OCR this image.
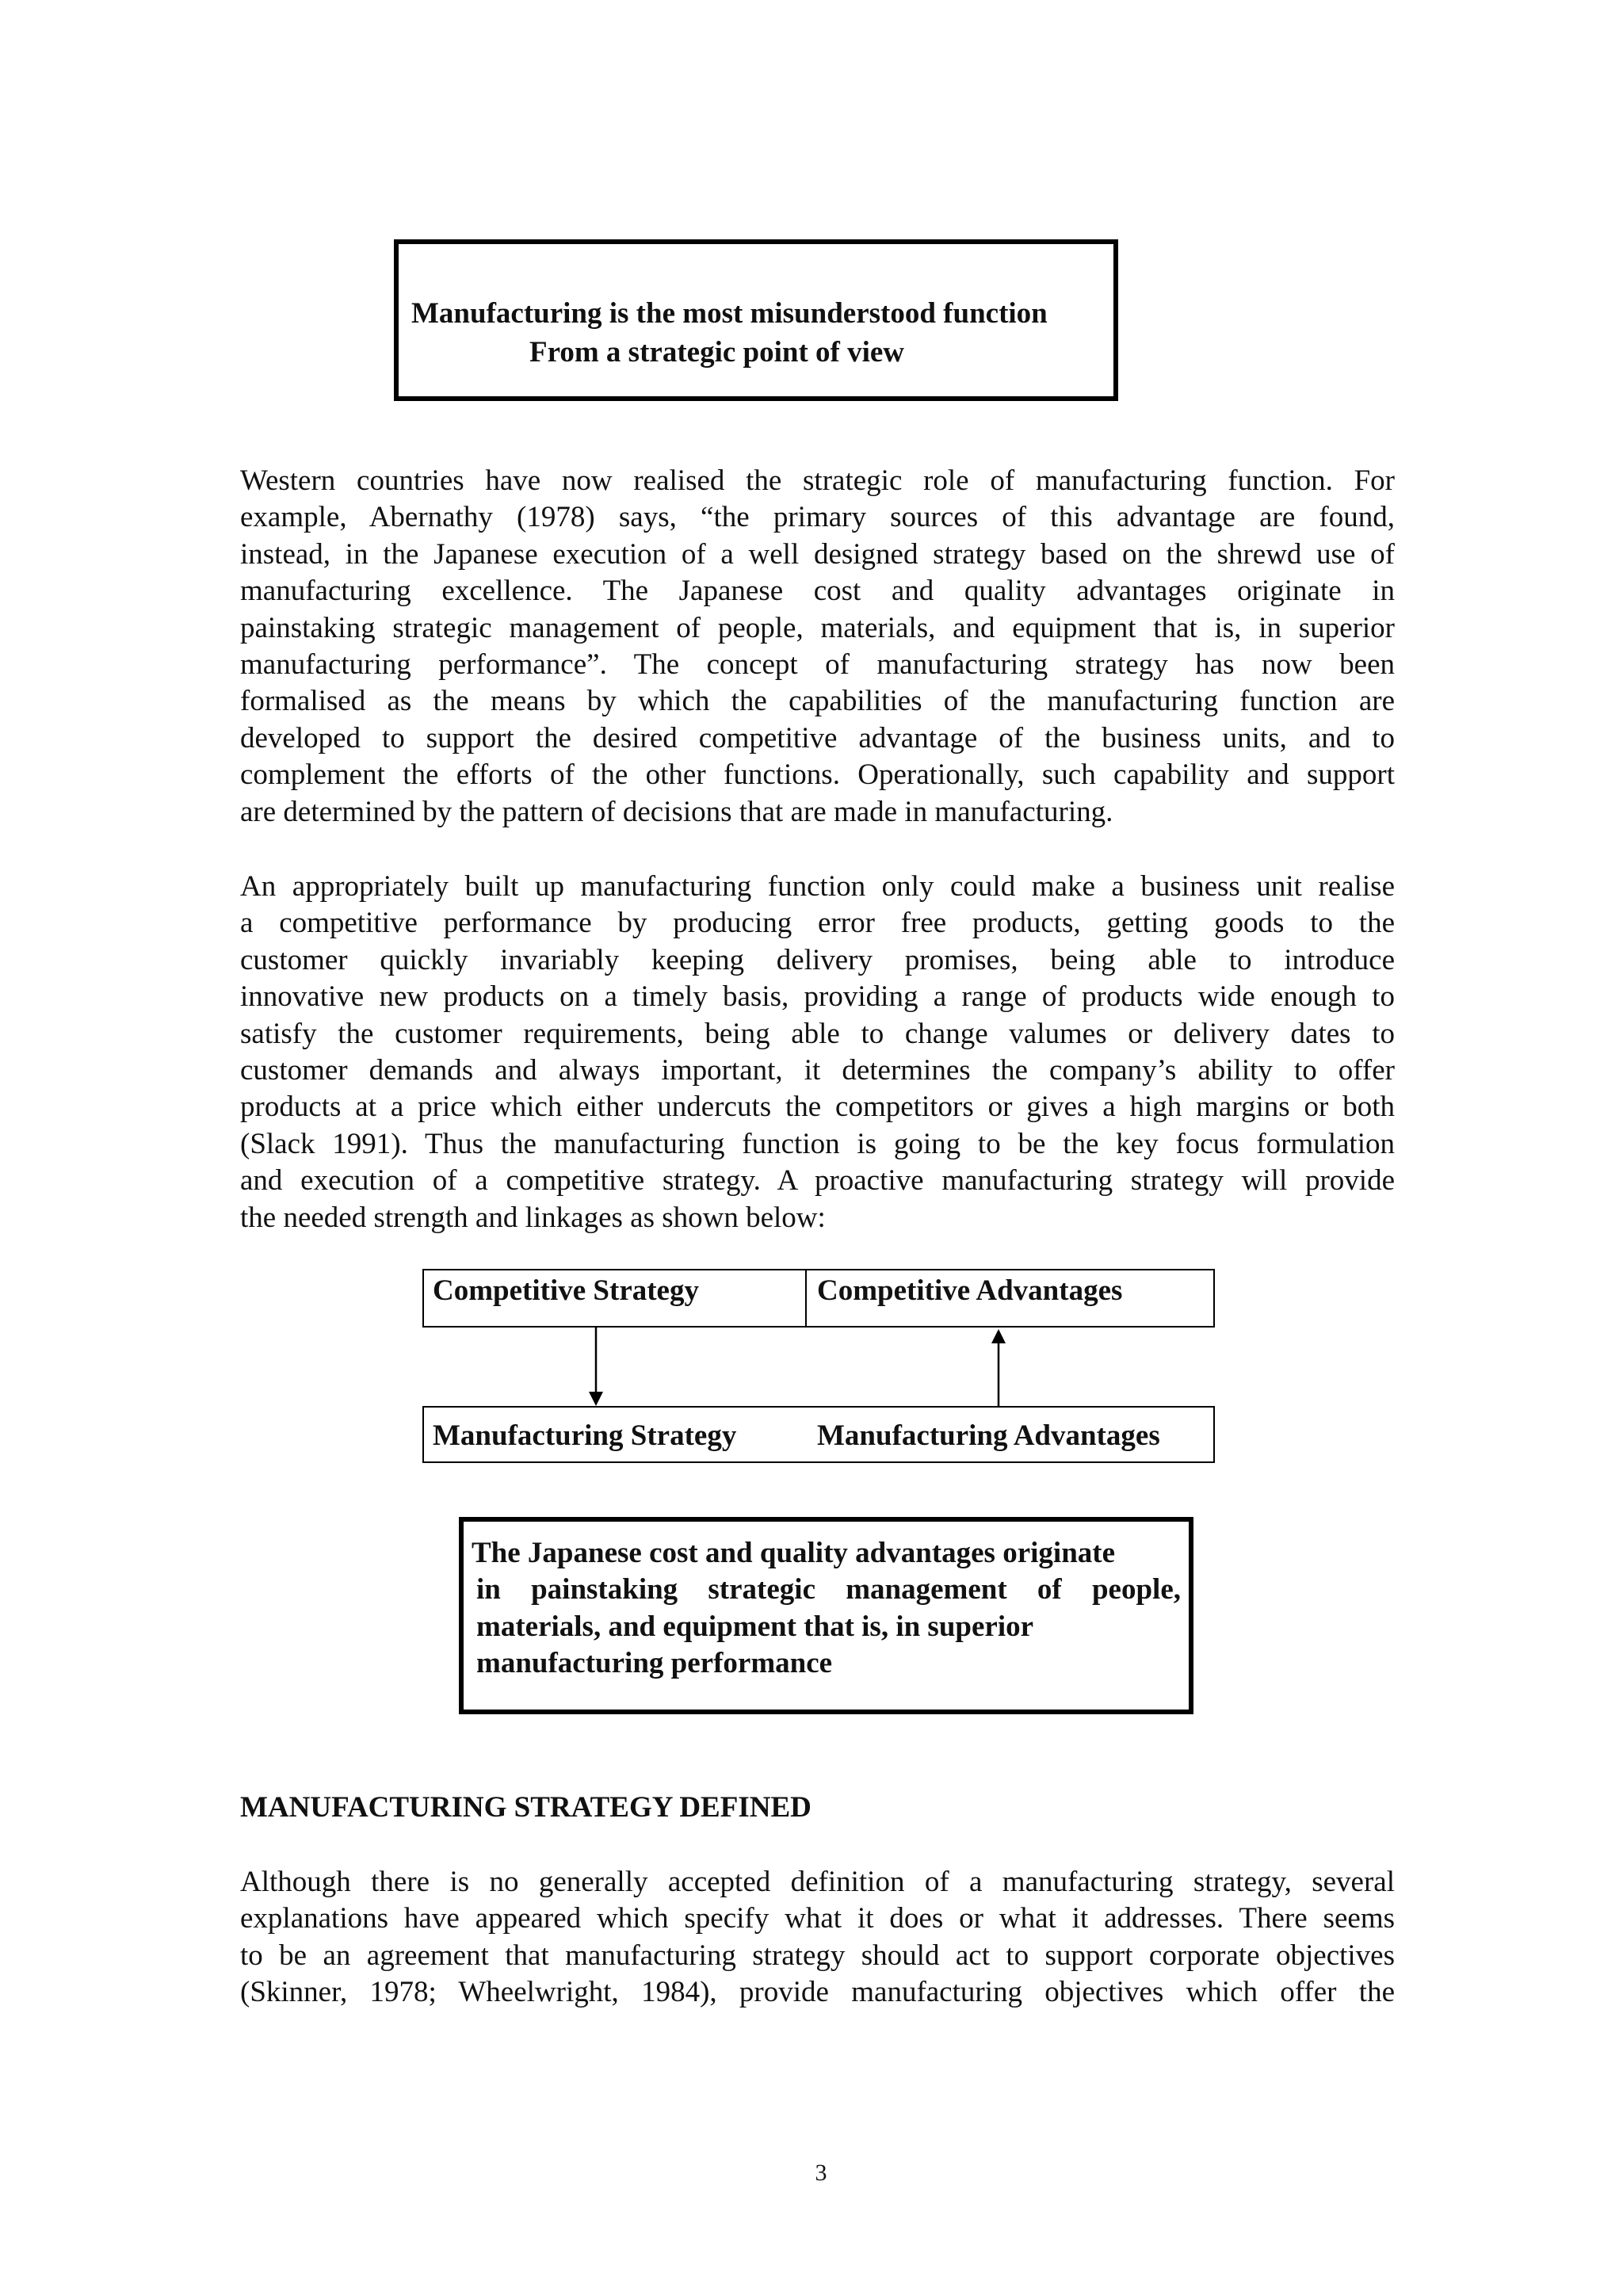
Manufacturing is the most misunderstood function
From a strategic point of view
Western countries have now realised the strategic role of manufacturing function. For
example, Abernathy (1978) says, “the primary sources of this advantage are found,
instead, in the Japanese execution of a well designed strategy based on the shrewd use of
manufacturing excellence. The Japanese cost and quality advantages originate in
painstaking strategic management of people, materials, and equipment that is, in superior
manufacturing performance”. The concept of manufacturing strategy has now been
formalised as the means by which the capabilities of the manufacturing function are
developed to support the desired competitive advantage of the business units, and to
complement the efforts of the other functions. Operationally, such capability and support
are determined by the pattern of decisions that are made in manufacturing.
An appropriately built up manufacturing function only could make a business unit realise
a competitive performance by producing error free products, getting goods to the
customer quickly invariably keeping delivery promises, being able to introduce
innovative new products on a timely basis, providing a range of products wide enough to
satisfy the customer requirements, being able to change valumes or delivery dates to
customer demands and always important, it determines the company’s ability to offer
products at a price which either undercuts the competitors or gives a high margins or both
(Slack 1991). Thus the manufacturing function is going to be the key focus formulation
and execution of a competitive strategy. A proactive manufacturing strategy will provide
the needed strength and linkages as shown below:
Competitive Strategy	Competitive Advantages
Manufacturing Strategy	Manufacturing Advantages
The Japanese cost and quality advantages originate
in painstaking strategic management of people,
materials, and equipment that is, in superior
manufacturing performance
MANUFACTURING STRATEGY DEFINED
Although there is no generally accepted definition of a manufacturing strategy, several
explanations have appeared which specify what it does or what it addresses. There seems
to be an agreement that manufacturing strategy should act to support corporate objectives
(Skinner, 1978; Wheelwright, 1984), provide manufacturing objectives which offer the
3
